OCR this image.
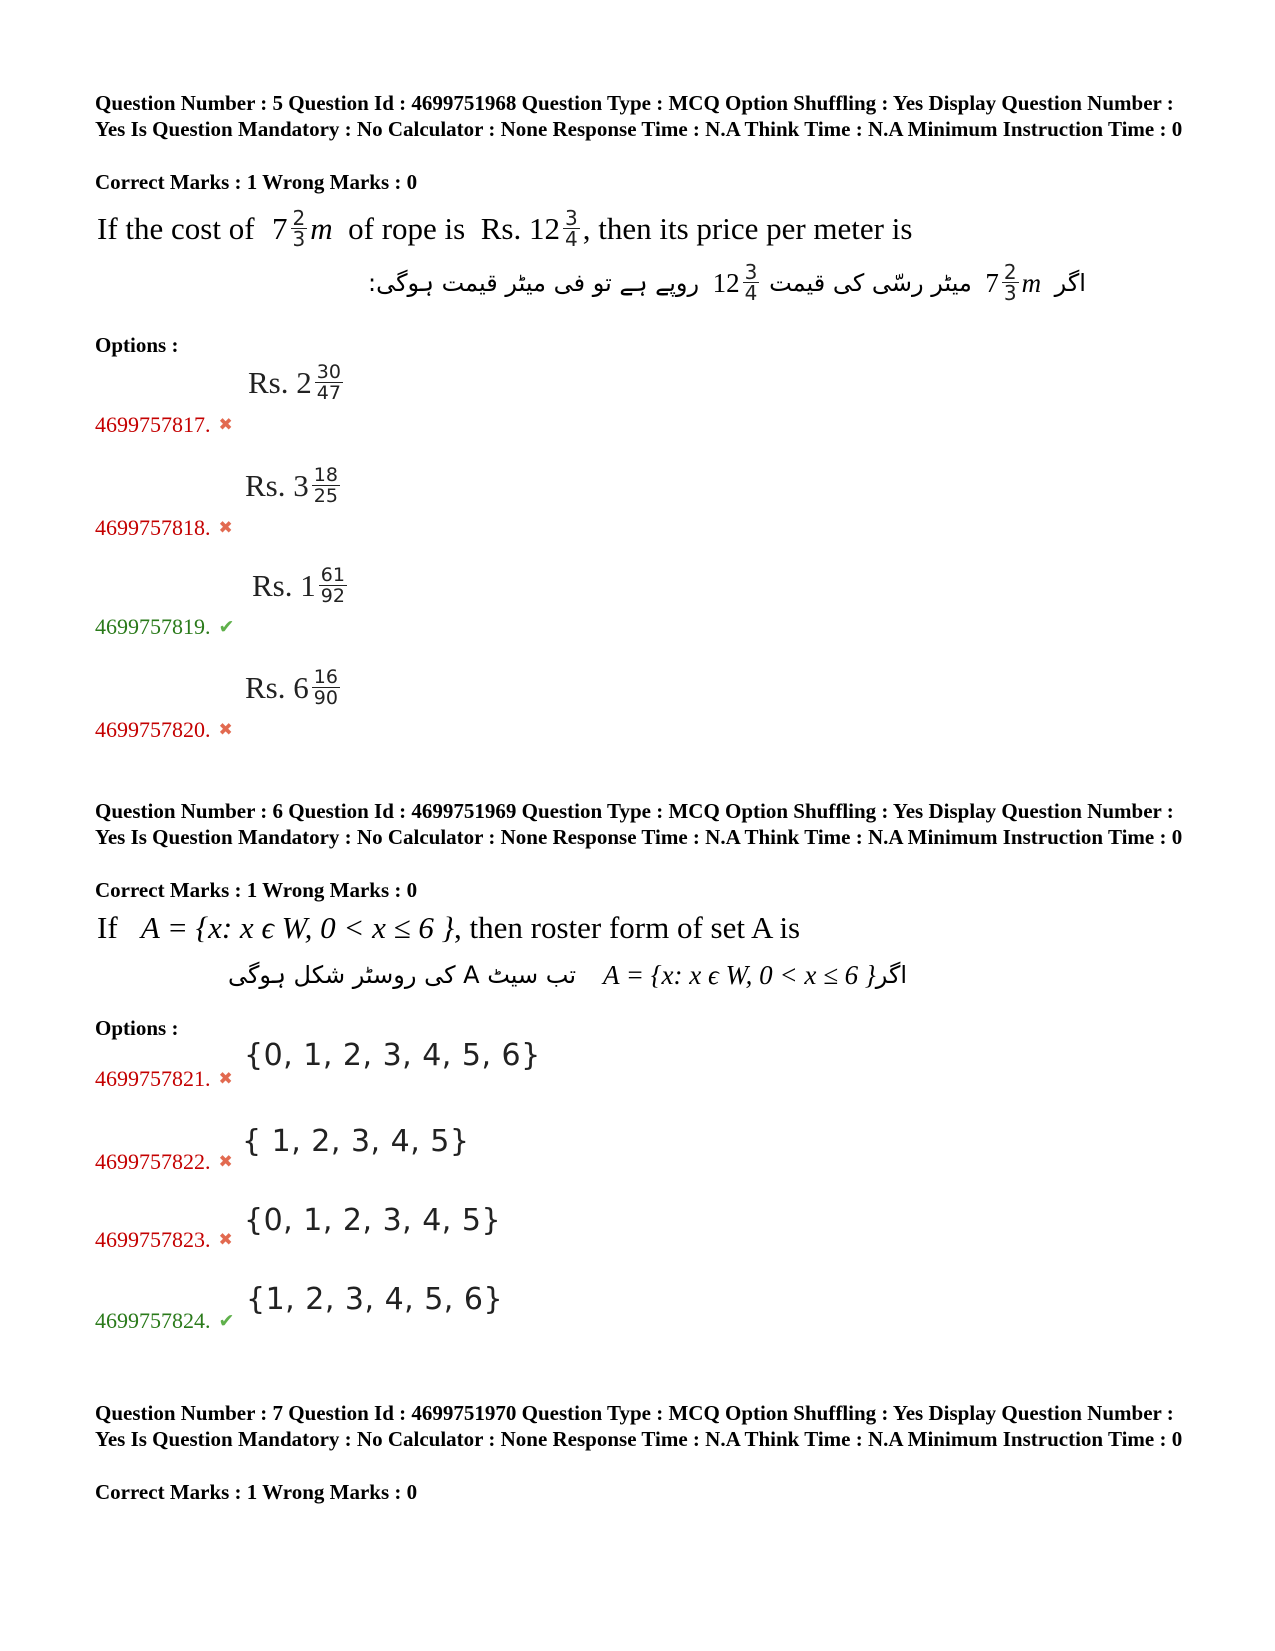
Question Number : 5 Question Id : 4699751968 Question Type : MCQ Option Shuffling : Yes Display Question Number : Yes Is Question Mandatory : No Calculator : None Response Time : N.A Think Time : N.A Minimum Instruction Time : 0
Correct Marks : 1 Wrong Marks : 0
If the cost of
$7 \frac{2}{3}$ m
of rope is
Rs. $12 \frac{3}{4}$ , then its price per meter is
روپے ہے تو فی میٹر قیمت ہوگی:
$12 \frac{3}{4}$
میٹر رسّی کی قیمت
$7 \frac{2}{3}$ m
اگر
Options :
Rs. $2 \frac{30}{47}$
4699757817. ✖
Rs. $3 \frac{18}{25}$
4699757818. ✖
Rs. $1 \frac{61}{92}$
4699757819. ✔
Rs. $6 \frac{16}{90}$
4699757820. ✖
Question Number : 6 Question Id : 4699751969 Question Type : MCQ Option Shuffling : Yes Display Question Number : Yes Is Question Mandatory : No Calculator : None Response Time : N.A Think Time : N.A Minimum Instruction Time : 0
Correct Marks : 1 Wrong Marks : 0
If
A = {x: x ϵ W, 0 < x ≤ 6 } , then roster form of set A is
تب سیٹ A کی روسٹر شکل ہوگی
A = {x: x ϵ W, 0 < x ≤ 6 } اگر
Options :
{0, 1, 2, 3, 4, 5, 6}
4699757821. ✖
{ 1, 2, 3, 4, 5}
4699757822. ✖
{0, 1, 2, 3, 4, 5}
4699757823. ✖
{1, 2, 3, 4, 5, 6}
4699757824. ✔
Question Number : 7 Question Id : 4699751970 Question Type : MCQ Option Shuffling : Yes Display Question Number : Yes Is Question Mandatory : No Calculator : None Response Time : N.A Think Time : N.A Minimum Instruction Time : 0
Correct Marks : 1 Wrong Marks : 0
